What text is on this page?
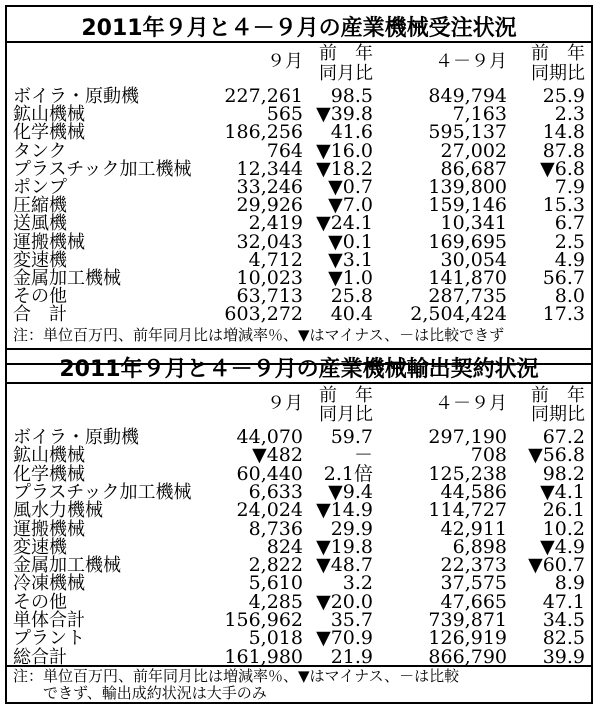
2011年９月と４－９月の産業機械受注状況
９月 前　年
同月比
４－９月 前　年
同期比
ボイラ・原動機	227,261 98.5	849,794 25.9
鉱山機械	565 ▼39.8	7,163	2.3
化学機械	186,256 41.6	595,137 14.8
タンク	764 ▼16.0	27,002 87.8
プラスチック加工機械 12,344 ▼18.2	86,687 ▼6.8
ポンプ	33,246 ▼0.7	139,800	7.9
圧縮機	29,926 ▼7.0	159,146 15.3
送風機	2,419 ▼24.1	10,341	6.7
運搬機械	32,043 ▼0.1	169,695	2.5
変速機	4,712 ▼3.1	30,054	4.9
金属加工機械	10,023 ▼1.0	141,870 56.7
その他	63,713 25.8	287,735	8.0
合　計	603,272 40.4 2,504,424 17.3
注：単位百万円、前年同月比は増減率％、▼はマイナス、－は比較できず
2011年９月と４－９月の産業機械輸出契約状況
９月 前　年
同月比
４－９月 前　年
同期比
ボイラ・原動機	44,070 59.7	297,190 67.2
鉱山機械	▼482	－	708 ▼56.8
化学機械	60,440 2.1倍	125,238 98.2
プラスチック加工機械	6,633 ▼9.4	44,586 ▼4.1
風水力機械	24,024 ▼14.9	114,727 26.1
運搬機械	8,736 29.9	42,911 10.2
変速機	824 ▼19.8	6,898 ▼4.9
金属加工機械	2,822 ▼48.7	22,373 ▼60.7
冷凍機械	5,610 3.2	37,575	8.9
その他	4,285 ▼20.0	47,665 47.1
単体合計	156,962 35.7	739,871 34.5
プラント	5,018 ▼70.9	126,919 82.5
総合計	161,980 21.9	866,790 39.9
注：単位百万円、前年同月比は増減率％、▼はマイナス、－は比較
　　できず、輸出成約状況は大手のみ
